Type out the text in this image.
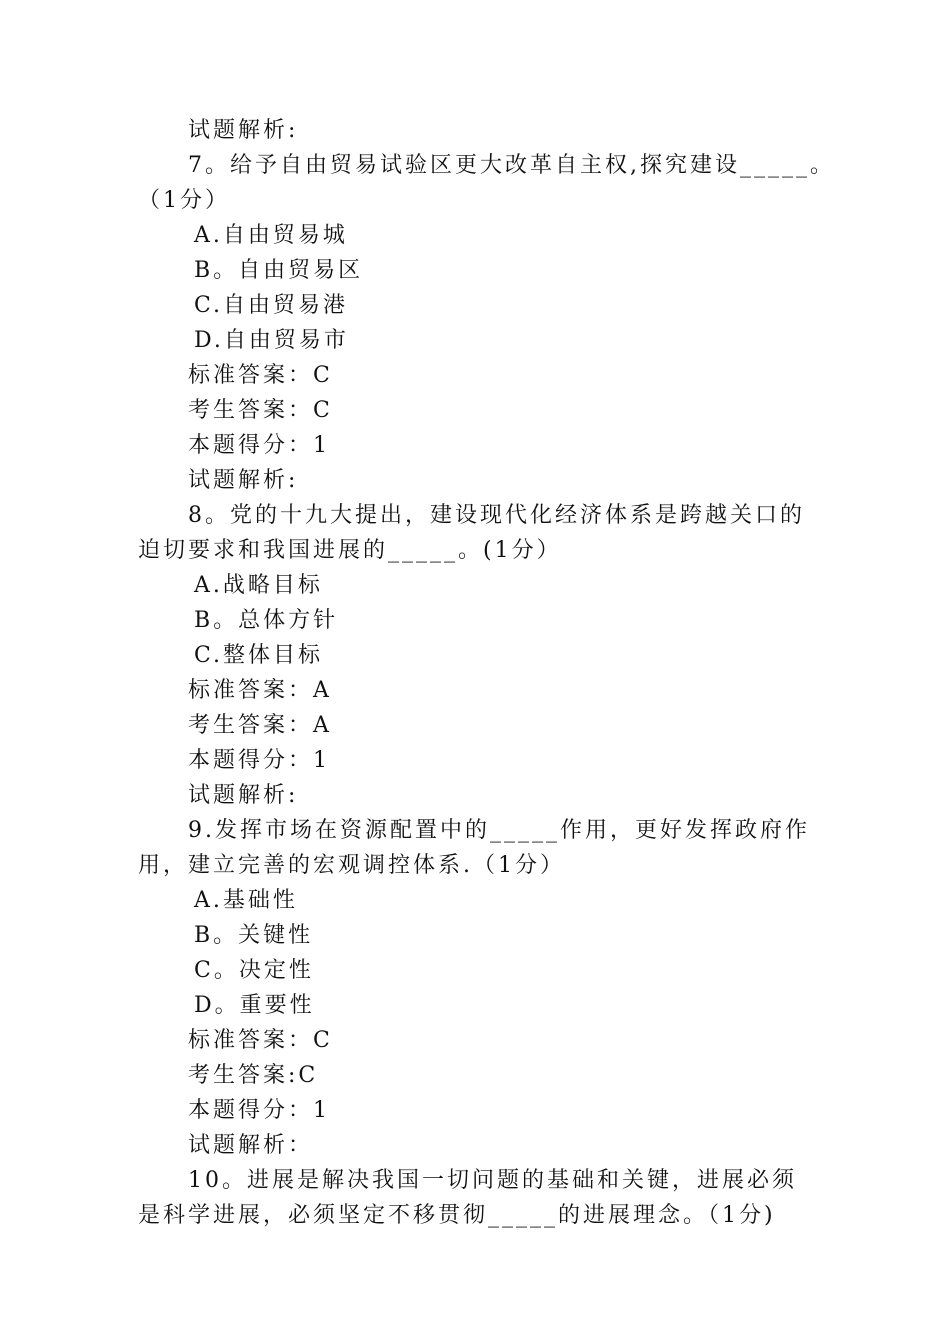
试题解析:
7。给予自由贸易试验区更大改革自主权,探究建设_____。
（1分）
A.自由贸易城
B。自由贸易区
C.自由贸易港
D.自由贸易市
标准答案：C
考生答案：C
本题得分：1
试题解析:
8。党的十九大提出，建设现代化经济体系是跨越关口的
迫切要求和我国进展的_____。(1分）
A.战略目标
B。总体方针
C.整体目标
标准答案：A
考生答案：A
本题得分：1
试题解析:
9.发挥市场在资源配置中的_____作用，更好发挥政府作
用，建立完善的宏观调控体系.（1分）
A.基础性
B。关键性
C。决定性
D。重要性
标准答案：C
考生答案:C
本题得分：1
试题解析：
10。进展是解决我国一切问题的基础和关键，进展必须
是科学进展，必须坚定不移贯彻_____的进展理念。（1分)
